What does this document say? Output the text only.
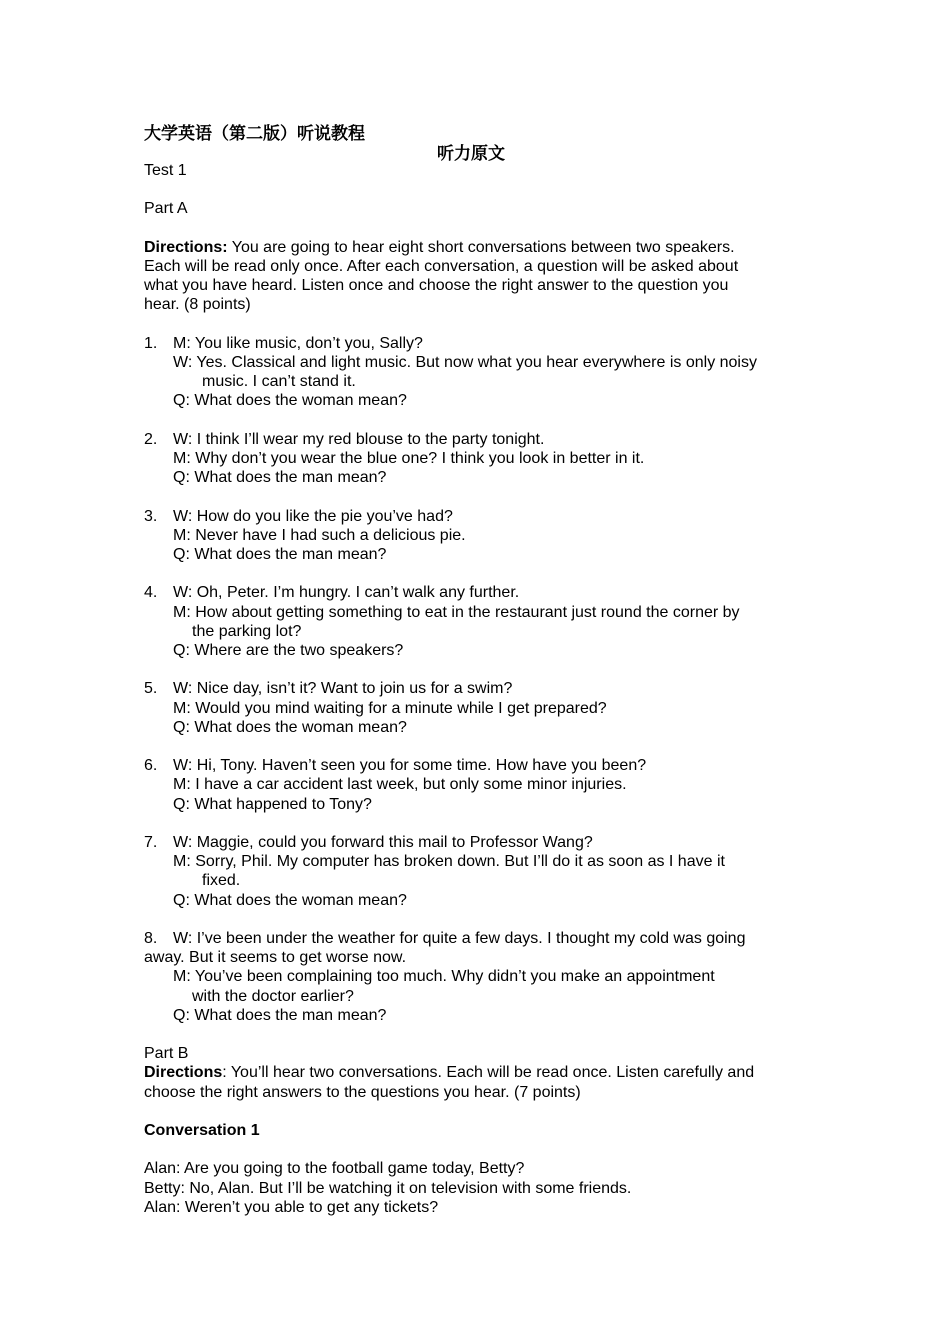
大学英语（第二版）听说教程
听力原文

Test 1

Part A

Directions: You are going to hear eight short conversations between two speakers.
Each will be read only once. After each conversation, a question will be asked about
what you have heard. Listen once and choose the right answer to the question you
hear. (8 points)
1. M: You like music, don’t you, Sally?
W: Yes. Classical and light music. But now what you hear everywhere is only noisy
music. I can’t stand it.
Q: What does the woman mean?
2. W: I think I’ll wear my red blouse to the party tonight.
M: Why don’t you wear the blue one? I think you look in better in it.
Q: What does the man mean?
3. W: How do you like the pie you’ve had?
M: Never have I had such a delicious pie.
Q: What does the man mean?
4. W: Oh, Peter. I’m hungry. I can’t walk any further.
M: How about getting something to eat in the restaurant just round the corner by
the parking lot?
Q: Where are the two speakers?
5. W: Nice day, isn’t it? Want to join us for a swim?
M: Would you mind waiting for a minute while I get prepared?
Q: What does the woman mean?
6. W: Hi, Tony. Haven’t seen you for some time. How have you been?
M: I have a car accident last week, but only some minor injuries.
Q: What happened to Tony?
7. W: Maggie, could you forward this mail to Professor Wang?
M: Sorry, Phil. My computer has broken down. But I’ll do it as soon as I have it
fixed.
Q: What does the woman mean?
8. W: I’ve been under the weather for quite a few days. I thought my cold was going
away. But it seems to get worse now.
M: You’ve been complaining too much. Why didn’t you make an appointment
with the doctor earlier?
Q: What does the man mean?

Part B

Directions: You’ll hear two conversations. Each will be read once. Listen carefully and
choose the right answers to the questions you hear. (7 points)

Conversation 1

Alan: Are you going to the football game today, Betty?
Betty: No, Alan. But I’ll be watching it on television with some friends.
Alan: Weren’t you able to get any tickets?
